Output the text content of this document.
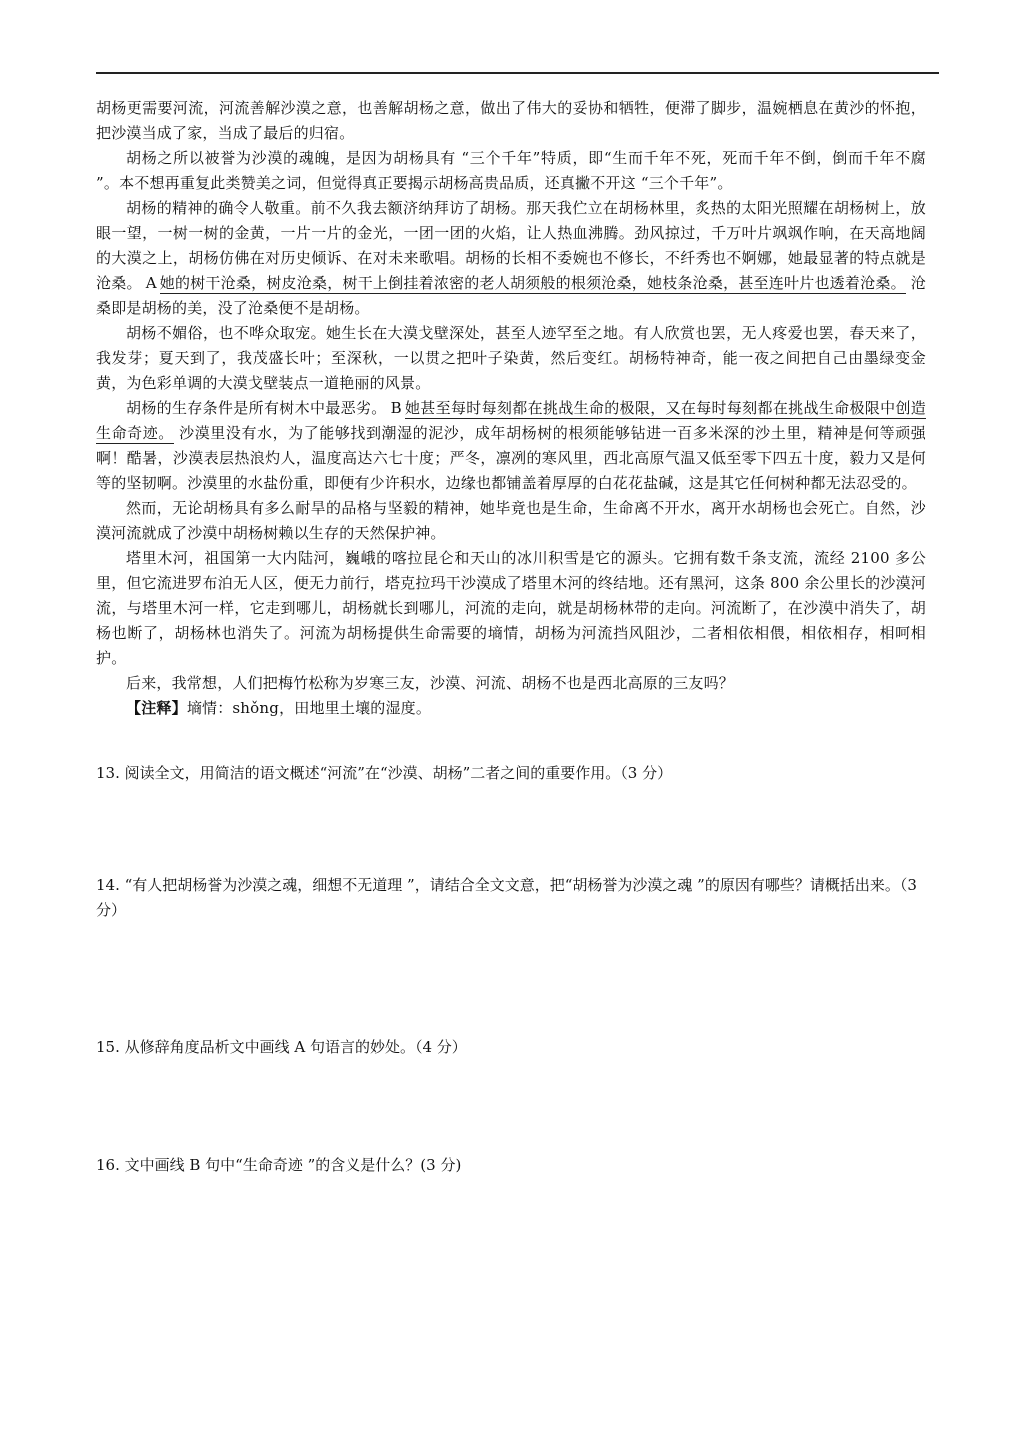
胡杨更需要河流，河流善解沙漠之意，也善解胡杨之意，做出了伟大的妥协和牺牲，便滞了脚步，温婉栖息在黄沙的怀抱，把沙漠当成了家，当成了最后的归宿。

胡杨之所以被誉为沙漠的魂魄，是因为胡杨具有 “三个千年”特质，即“生而千年不死，死而千年不倒，倒而千年不腐 ”。本不想再重复此类赞美之词，但觉得真正要揭示胡杨高贵品质，还真撇不开这 “三个千年”。

胡杨的精神的确令人敬重。前不久我去额济纳拜访了胡杨。那天我伫立在胡杨林里，炙热的太阳光照耀在胡杨树上，放眼一望，一树一树的金黄，一片一片的金光，一团一团的火焰，让人热血沸腾。劲风掠过，千万叶片飒飒作响，在天高地阔的大漠之上，胡杨仿佛在对历史倾诉、在对未来歌唱。胡杨的长相不委婉也不修长，不纤秀也不婀娜，她最显著的特点就是沧桑。 A 她的树干沧桑，树皮沧桑，树干上倒挂着浓密的老人胡须般的根须沧桑，她枝条沧桑，甚至连叶片也透着沧桑。 沧桑即是胡杨的美，没了沧桑便不是胡杨。

胡杨不媚俗，也不哗众取宠。她生长在大漠戈壁深处，甚至人迹罕至之地。有人欣赏也罢，无人疼爱也罢，春天来了，我发芽；夏天到了，我茂盛长叶；至深秋，一以贯之把叶子染黄，然后变红。胡杨特神奇，能一夜之间把自己由墨绿变金黄，为色彩单调的大漠戈壁装点一道艳丽的风景。

胡杨的生存条件是所有树木中最恶劣。 B 她甚至每时每刻都在挑战生命的极限，又在每时每刻都在挑战生命极限中创造生命奇迹。 沙漠里没有水，为了能够找到潮湿的泥沙，成年胡杨树的根须能够钻进一百多米深的沙土里，精神是何等顽强啊！酷暑，沙漠表层热浪灼人，温度高达六七十度；严冬，凛冽的寒风里，西北高原气温又低至零下四五十度，毅力又是何等的坚韧啊。沙漠里的水盐份重，即便有少许积水，边缘也都铺盖着厚厚的白花花盐碱，这是其它任何树种都无法忍受的。

然而，无论胡杨具有多么耐旱的品格与坚毅的精神，她毕竟也是生命，生命离不开水，离开水胡杨也会死亡。自然，沙漠河流就成了沙漠中胡杨树赖以生存的天然保护神。

塔里木河，祖国第一大内陆河，巍峨的喀拉昆仑和天山的冰川积雪是它的源头。它拥有数千条支流，流经 2100 多公里，但它流进罗布泊无人区，便无力前行，塔克拉玛干沙漠成了塔里木河的终结地。还有黑河，这条 800 余公里长的沙漠河流，与塔里木河一样，它走到哪儿，胡杨就长到哪儿，河流的走向，就是胡杨林带的走向。河流断了，在沙漠中消失了，胡杨也断了，胡杨林也消失了。河流为胡杨提供生命需要的墒情，胡杨为河流挡风阻沙，二者相依相偎，相依相存，相呵相护。

后来，我常想，人们把梅竹松称为岁寒三友，沙漠、河流、胡杨不也是西北高原的三友吗？

【注释】墒情：shǒng，田地里土壤的湿度。

13. 阅读全文，用简洁的语文概述“河流”在“沙漠、胡杨”二者之间的重要作用。（3 分）
14. “有人把胡杨誉为沙漠之魂，细想不无道理 ”，请结合全文文意，把“胡杨誉为沙漠之魂 ”的原因有哪些？请概括出来。（3 分）
15. 从修辞角度品析文中画线 A 句语言的妙处。（4 分）
16. 文中画线 B 句中“生命奇迹 ”的含义是什么？(3 分)
